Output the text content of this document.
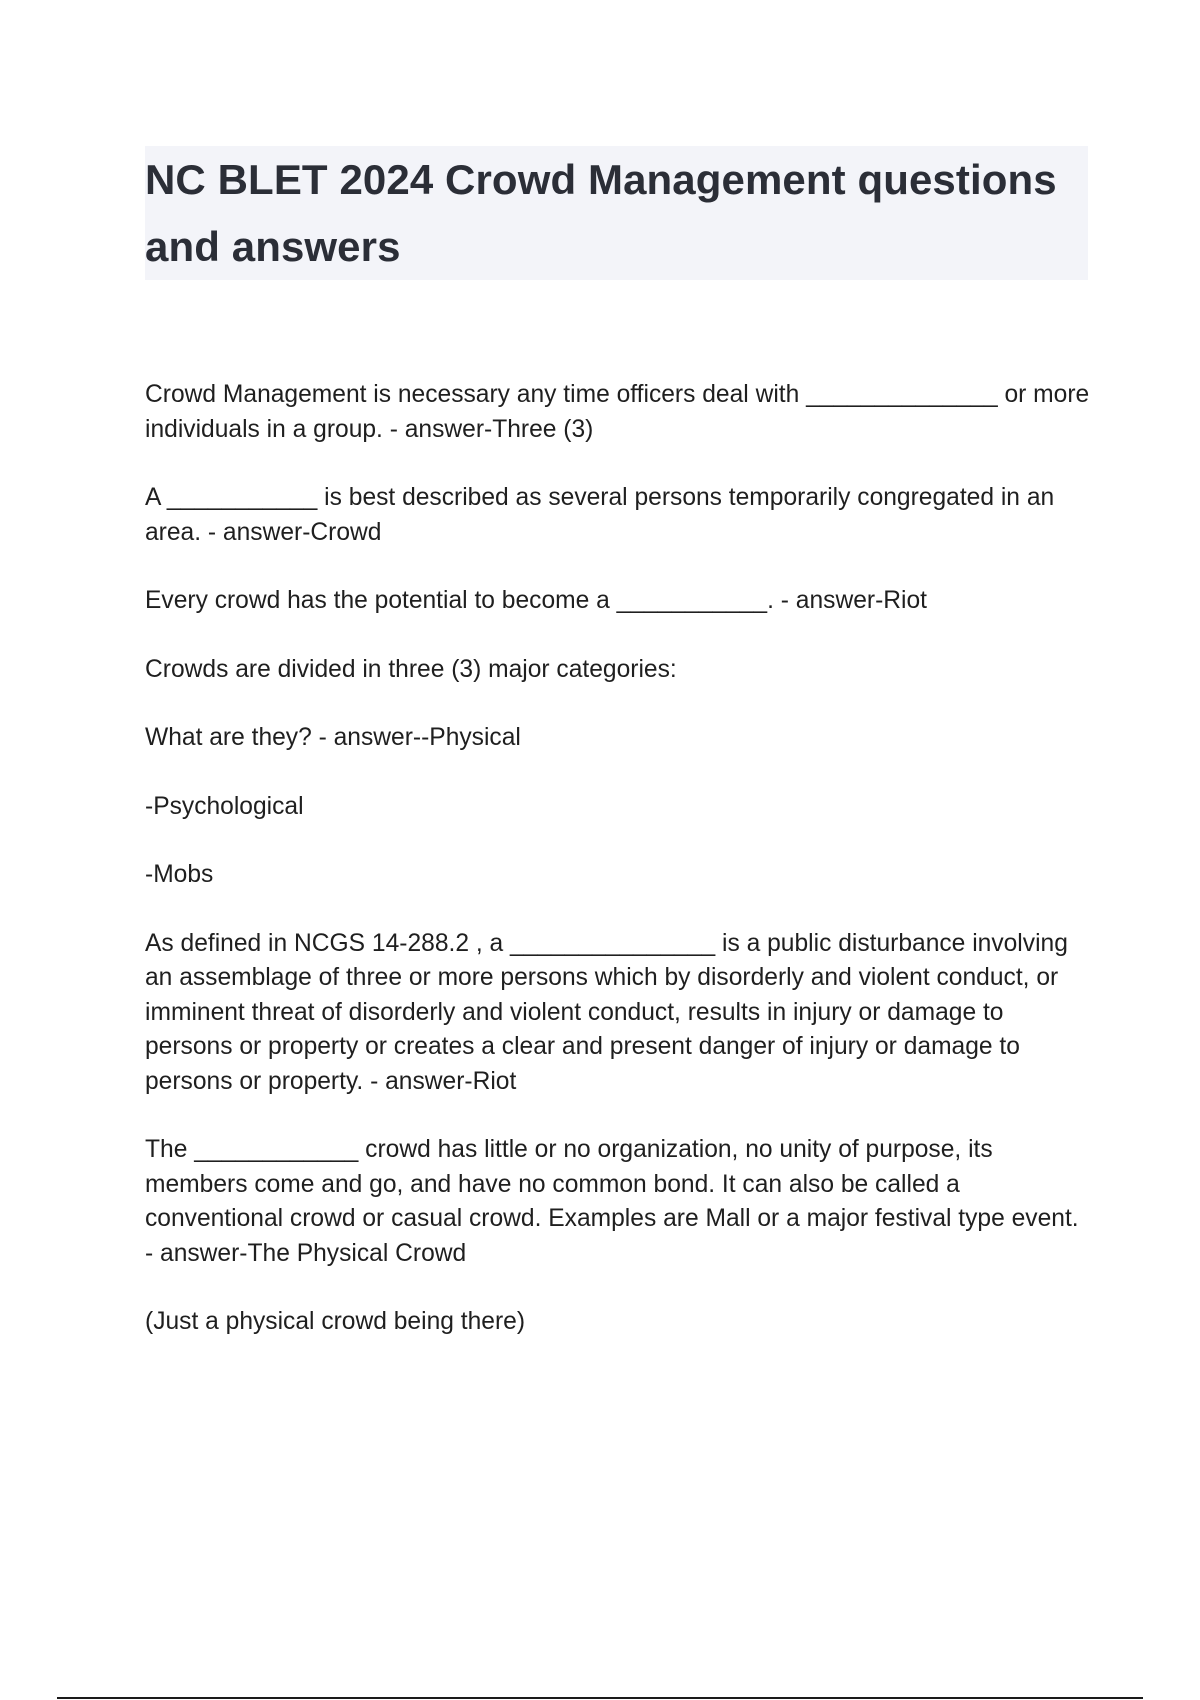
NC BLET 2024 Crowd Management questions and answers

Crowd Management is necessary any time officers deal with ______________ or more individuals in a group. - answer-Three (3)

A ___________ is best described as several persons temporarily congregated in an area. - answer-Crowd

Every crowd has the potential to become a ___________. - answer-Riot

Crowds are divided in three (3) major categories:

What are they? - answer--Physical

-Psychological

-Mobs

As defined in NCGS 14-288.2 , a _______________ is a public disturbance involving an assemblage of three or more persons which by disorderly and violent conduct, or imminent threat of disorderly and violent conduct, results in injury or damage to persons or property or creates a clear and present danger of injury or damage to persons or property. - answer-Riot

The ____________ crowd has little or no organization, no unity of purpose, its members come and go, and have no common bond. It can also be called a conventional crowd or casual crowd. Examples are Mall or a major festival type event. - answer-The Physical Crowd

(Just a physical crowd being there)
